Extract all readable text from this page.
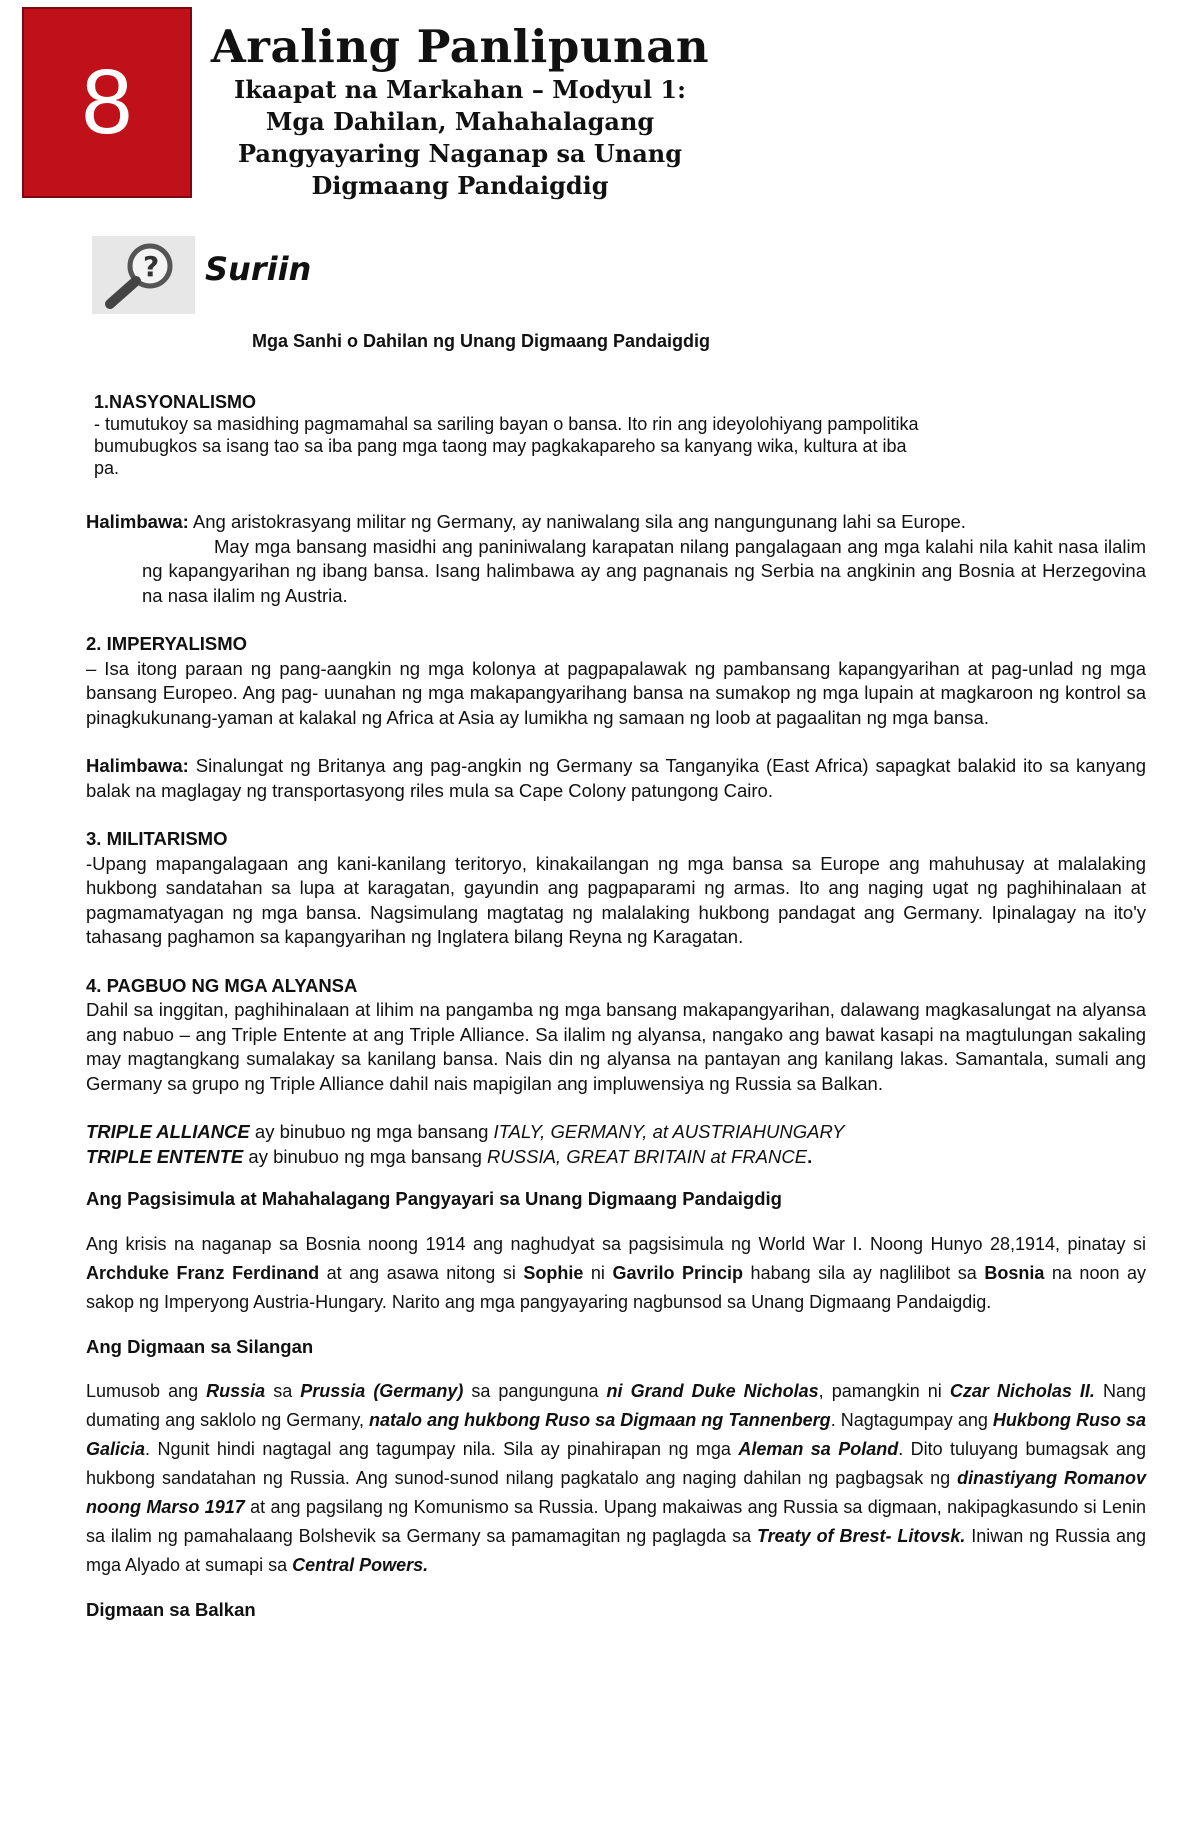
8
Araling Panlipunan
Ikaapat na Markahan – Modyul 1:
Mga Dahilan, Mahahalagang
Pangyayaring Naganap sa Unang
Digmaang Pandaigdig
? Suriin
Mga Sanhi o Dahilan ng Unang Digmaang Pandaigdig
1.NASYONALISMO
- tumutukoy sa masidhing pagmamahal sa sariling bayan o bansa. Ito rin ang ideyolohiyang pampolitika bumubugkos sa isang tao sa iba pang mga taong may pagkakapareho sa kanyang wika, kultura at iba pa.

Halimbawa: Ang aristokrasyang militar ng Germany, ay naniwalang sila ang nangungunang lahi sa Europe.

May mga bansang masidhi ang paniniwalang karapatan nilang pangalagaan ang mga kalahi nila kahit nasa ilalim ng kapangyarihan ng ibang bansa. Isang halimbawa ay ang pagnanais ng Serbia na angkinin ang Bosnia at Herzegovina na nasa ilalim ng Austria.

2. IMPERYALISMO

– Isa itong paraan ng pang-aangkin ng mga kolonya at pagpapalawak ng pambansang kapangyarihan at pag-unlad ng mga bansang Europeo. Ang pag- uunahan ng mga makapangyarihang bansa na sumakop ng mga lupain at magkaroon ng kontrol sa pinagkukunang-yaman at kalakal ng Africa at Asia ay lumikha ng samaan ng loob at pagaalitan ng mga bansa.

Halimbawa: Sinalungat ng Britanya ang pag-angkin ng Germany sa Tanganyika (East Africa) sapagkat balakid ito sa kanyang balak na maglagay ng transportasyong riles mula sa Cape Colony patungong Cairo.

3. MILITARISMO

-Upang mapangalagaan ang kani-kanilang teritoryo, kinakailangan ng mga bansa sa Europe ang mahuhusay at malalaking hukbong sandatahan sa lupa at karagatan, gayundin ang pagpaparami ng armas. Ito ang naging ugat ng paghihinalaan at pagmamatyagan ng mga bansa. Nagsimulang magtatag ng malalaking hukbong pandagat ang Germany. Ipinalagay na ito'y tahasang paghamon sa kapangyarihan ng Inglatera bilang Reyna ng Karagatan.

4. PAGBUO NG MGA ALYANSA

Dahil sa inggitan, paghihinalaan at lihim na pangamba ng mga bansang makapangyarihan, dalawang magkasalungat na alyansa ang nabuo – ang Triple Entente at ang Triple Alliance. Sa ilalim ng alyansa, nangako ang bawat kasapi na magtulungan sakaling may magtangkang sumalakay sa kanilang bansa. Nais din ng alyansa na pantayan ang kanilang lakas. Samantala, sumali ang Germany sa grupo ng Triple Alliance dahil nais mapigilan ang impluwensiya ng Russia sa Balkan.

TRIPLE ALLIANCE ay binubuo ng mga bansang ITALY, GERMANY, at AUSTRIAHUNGARY

TRIPLE ENTENTE ay binubuo ng mga bansang RUSSIA, GREAT BRITAIN at FRANCE.

Ang Pagsisimula at Mahahalagang Pangyayari sa Unang Digmaang Pandaigdig

Ang krisis na naganap sa Bosnia noong 1914 ang naghudyat sa pagsisimula ng World War I. Noong Hunyo 28,1914, pinatay si Archduke Franz Ferdinand at ang asawa nitong si Sophie ni Gavrilo Princip habang sila ay naglilibot sa Bosnia na noon ay sakop ng Imperyong Austria-Hungary. Narito ang mga pangyayaring nagbunsod sa Unang Digmaang Pandaigdig.

Ang Digmaan sa Silangan

Lumusob ang Russia sa Prussia (Germany) sa pangunguna ni Grand Duke Nicholas, pamangkin ni Czar Nicholas II. Nang dumating ang saklolo ng Germany, natalo ang hukbong Ruso sa Digmaan ng Tannenberg. Nagtagumpay ang Hukbong Ruso sa Galicia. Ngunit hindi nagtagal ang tagumpay nila. Sila ay pinahirapan ng mga Aleman sa Poland. Dito tuluyang bumagsak ang hukbong sandatahan ng Russia. Ang sunod-sunod nilang pagkatalo ang naging dahilan ng pagbagsak ng dinastiyang Romanov noong Marso 1917 at ang pagsilang ng Komunismo sa Russia. Upang makaiwas ang Russia sa digmaan, nakipagkasundo si Lenin sa ilalim ng pamahalaang Bolshevik sa Germany sa pamamagitan ng paglagda sa Treaty of Brest- Litovsk. Iniwan ng Russia ang mga Alyado at sumapi sa Central Powers.

Digmaan sa Balkan
